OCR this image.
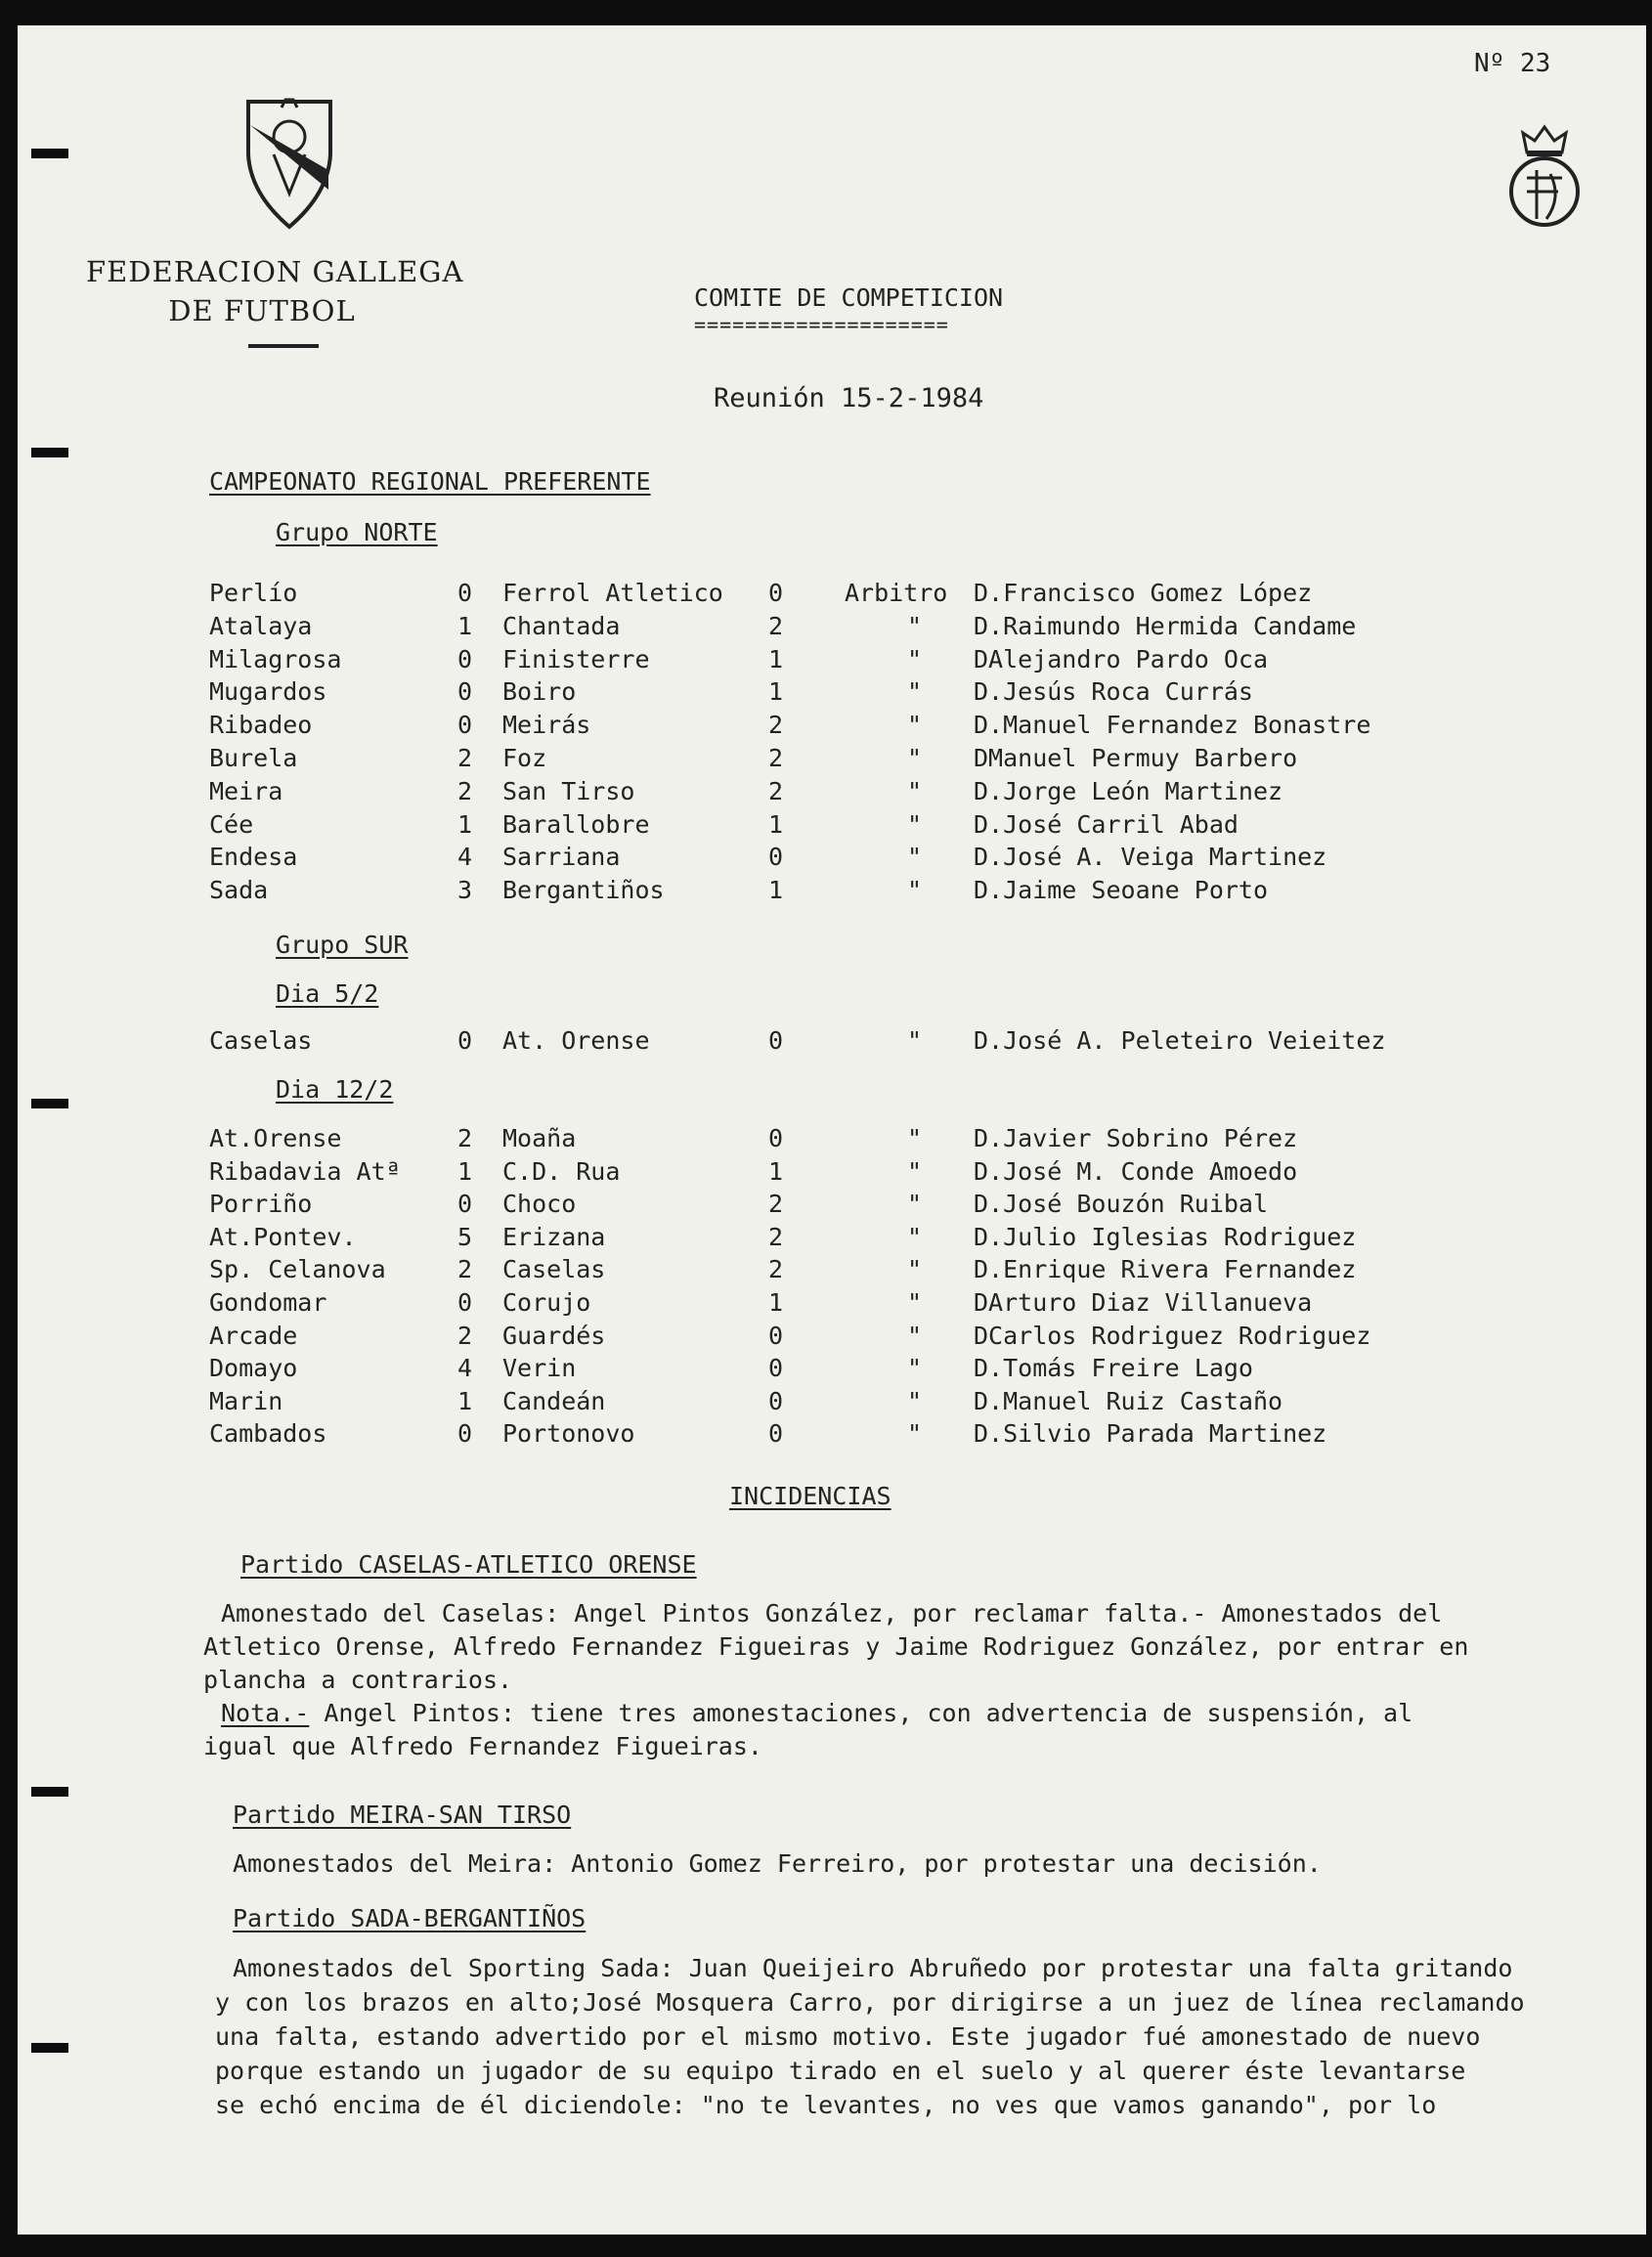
Nº 23
FEDERACION GALLEGA
DE FUTBOL	COMITE DE COMPETICION
====================
Reunión 15-2-1984
CAMPEONATO REGIONAL PREFERENTE
Grupo NORTE
Perlío	0 Ferrol Atletico 0	Arbitro D.Francisco Gomez López
Atalaya	1 Chantada	2	" D.Raimundo Hermida Candame
Milagrosa	0 Finisterre	1	" DAlejandro Pardo Oca
Mugardos	0 Boiro	1	" D.Jesús Roca Currás
Ribadeo	0 Meirás	2	" D.Manuel Fernandez Bonastre
Burela	2 Foz	2	" DManuel Permuy Barbero
Meira	2 San Tirso	2	" D.Jorge León Martinez
Cée	1 Barallobre	1	" D.José Carril Abad
Endesa	4 Sarriana	0	" D.José A. Veiga Martinez
Sada	3 Bergantiños	1	" D.Jaime Seoane Porto
Grupo SUR
Dia 5/2
Caselas	0 At. Orense	0	" D.José A. Peleteiro Veieitez
Dia 12/2
At.Orense	2 Moaña	0	" D.Javier Sobrino Pérez
Ribadavia Atª 1 C.D. Rua	1	" D.José M. Conde Amoedo
Porriño	0 Choco	2	" D.José Bouzón Ruibal
At.Pontev.	5 Erizana	2	" D.Julio Iglesias Rodriguez
Sp. Celanova	2 Caselas	2	" D.Enrique Rivera Fernandez
Gondomar	0 Corujo	1	" DArturo Diaz Villanueva
Arcade	2 Guardés	0	" DCarlos Rodriguez Rodriguez
Domayo	4 Verin	0	" D.Tomás Freire Lago
Marin	1 Candeán	0	" D.Manuel Ruiz Castaño
Cambados	0 Portonovo	0	" D.Silvio Parada Martinez
INCIDENCIAS
Partido CASELAS-ATLETICO ORENSE
Amonestado del Caselas: Angel Pintos González, por reclamar falta.- Amonestados del
Atletico Orense, Alfredo Fernandez Figueiras y Jaime Rodriguez González, por entrar en
plancha a contrarios.
Nota.- Angel Pintos: tiene tres amonestaciones, con advertencia de suspensión, al
igual que Alfredo Fernandez Figueiras.
Partido MEIRA-SAN TIRSO
Amonestados del Meira: Antonio Gomez Ferreiro, por protestar una decisión.
Partido SADA-BERGANTIÑOS
Amonestados del Sporting Sada: Juan Queijeiro Abruñedo por protestar una falta gritando
y con los brazos en alto;José Mosquera Carro, por dirigirse a un juez de línea reclamando
una falta, estando advertido por el mismo motivo. Este jugador fué amonestado de nuevo
porque estando un jugador de su equipo tirado en el suelo y al querer éste levantarse
se echó encima de él diciendole: "no te levantes, no ves que vamos ganando", por lo
